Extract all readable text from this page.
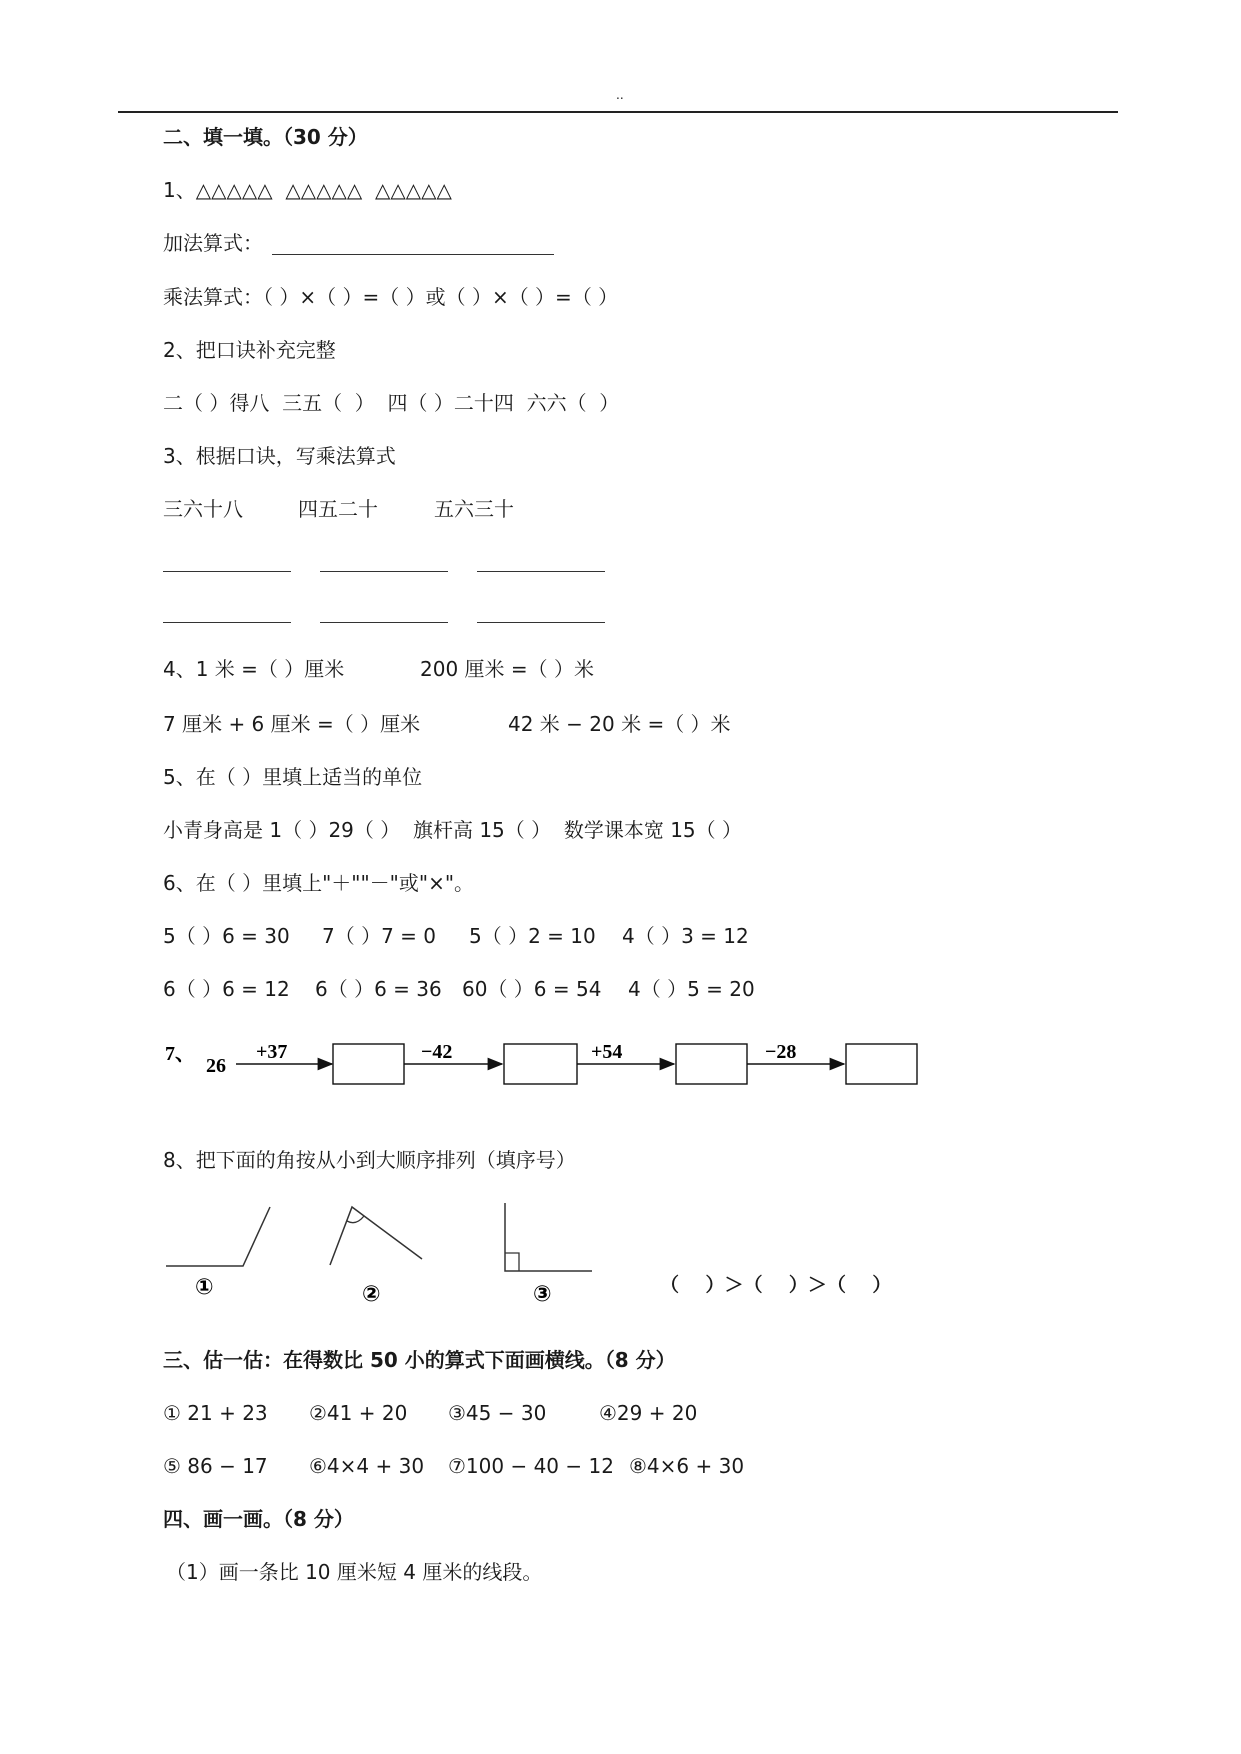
..
二、填一填。（30 分）
1、△△△△△  △△△△△  △△△△△
加法算式：
乘法算式：（ ）×（ ）=（ ）或（ ）×（ ）=（ ）
2、把口诀补充完整
二（ ）得八  三五（  ）  四（ ）二十四  六六（  ）
3、根据口诀，写乘法算式
三六十八	四五二十	五六三十
4、1 米 =（ ）厘米	200 厘米 =（ ）米
7 厘米 + 6 厘米 =（ ）厘米	42 米 − 20 米 =（ ）米
5、在（ ）里填上适当的单位
小青身高是 1（ ）29（ ）  旗杆高 15（ ）  数学课本宽 15（ ）
6、在（ ）里填上"＋""－"或"×"。
5（ ）6 = 30 7（ ）7 = 0 5（ ）2 = 10 4（ ）3 = 12
6（ ）6 = 12 6（ ）6 = 36 60（ ）6 = 54 4（ ）5 = 20
7、
26
+37	−42	+54	−28
8、把下面的角按从小到大顺序排列（填序号）
①	②	③	（    ）＞（    ）＞（    ）
三、估一估：在得数比 50 小的算式下面画横线。（8 分）
① 21 + 23 ②41 + 20 ③45 − 30	④29 + 20
⑤ 86 − 17 ⑥4×4 + 30 ⑦100 − 40 − 12 ⑧4×6 + 30
四、画一画。（8 分）
（1）画一条比 10 厘米短 4 厘米的线段。
